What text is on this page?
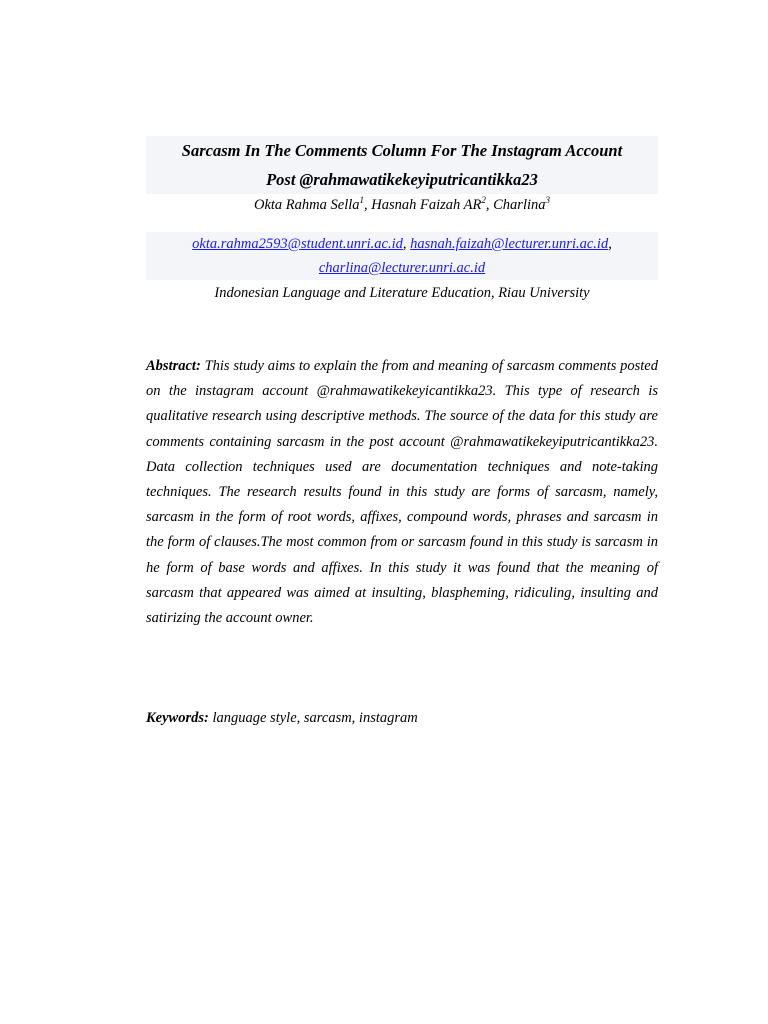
Sarcasm In The Comments Column For The Instagram Account
Post @rahmawatikekeyiputricantikka23
Okta Rahma Sella$^1$, Hasnah Faizah $AR^2$, Charlina$^3$
okta.rahma2593@student.unri.ac.id, hasnah.faizah@lecturer.unri.ac.id,
charlina@lecturer.unri.ac.id
Indonesian Language and Literature Education, Riau University

Abstract: This study aims to explain the from and meaning of sarcasm comments posted on the instagram account @rahmawatikekeyicantikka23. This type of research is qualitative research using descriptive methods. The source of the data for this study are comments containing sarcasm in the post account @rahmawatikekeyiputricantikka23. Data collection techniques used are documentation techniques and note-taking techniques. The research results found in this study are forms of sarcasm, namely, sarcasm in the form of root words, affixes, compound words, phrases and sarcasm in the form of clauses.The most common from or sarcasm found in this study is sarcasm in he form of base words and affixes. In this study it was found that the meaning of sarcasm that appeared was aimed at insulting, blaspheming, ridiculing, insulting and satirizing the account owner.

Keywords: language style, sarcasm, instagram
